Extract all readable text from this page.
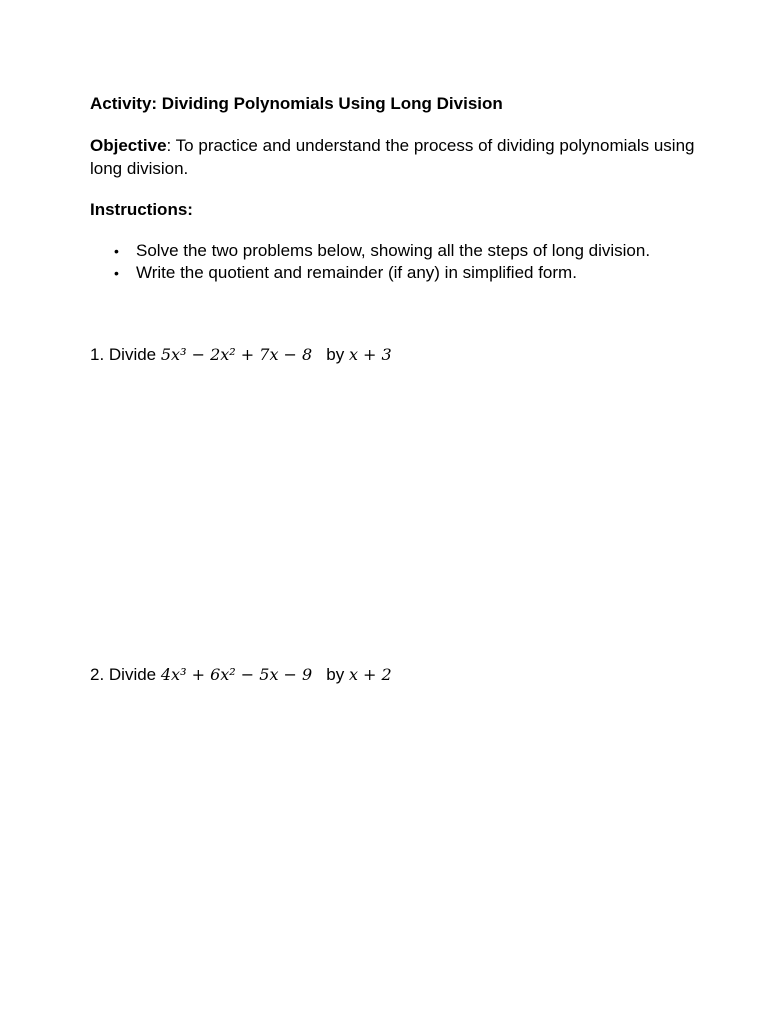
Activity: Dividing Polynomials Using Long Division
Objective: To practice and understand the process of dividing polynomials using long division.
Instructions:
• Solve the two problems below, showing all the steps of long division.
• Write the quotient and remainder (if any) in simplified form.
1. Divide 5x³ − 2x² + 7x − 8 by x + 3
2. Divide 4x³ + 6x² − 5x − 9 by x + 2
